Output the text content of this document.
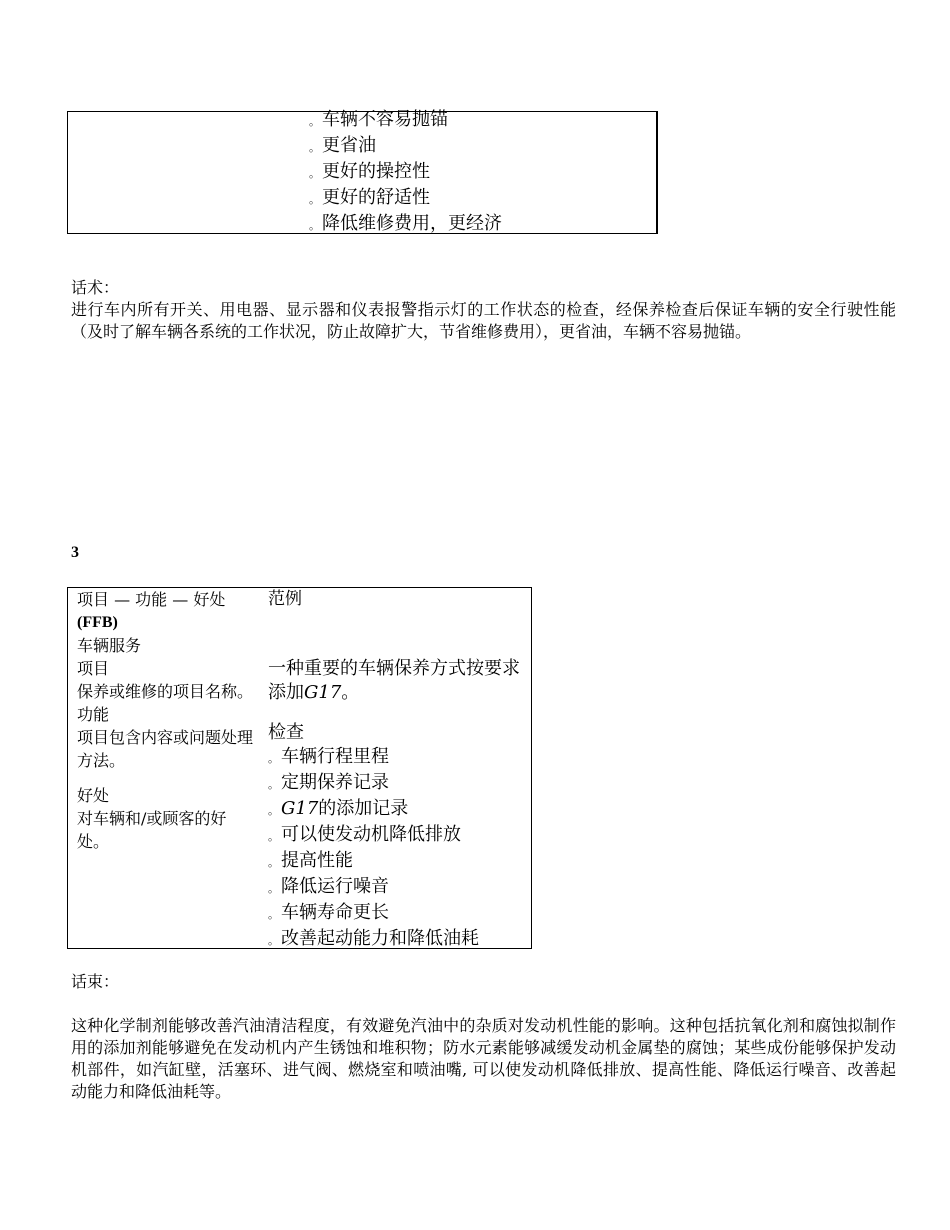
。 车辆不容易抛锚
。 更省油
。 更好的操控性
。 更好的舒适性
。 降低维修费用，更经济
话术：
进行车内所有开关、用电器、显示器和仪表报警指示灯的工作状态的检查，经保养检查后保证车辆的安全行驶性能（及时了解车辆各系统的工作状况，防止故障扩大，节省维修费用），更省油，车辆不容易抛锚。
3
项目 — 功能 — 好处
(FFB)
车辆服务
项目
保养或维修的项目名称。
功能
项目包含内容或问题处理方法。
好处
对车辆和/或顾客的好处。
范例
一种重要的车辆保养方式按要求添加G17。
检查
。 车辆行程里程
。 定期保养记录
。 G17的添加记录
。 可以使发动机降低排放
。 提高性能
。 降低运行噪音
。 车辆寿命更长
。 改善起动能力和降低油耗
话束：
这种化学制剂能够改善汽油清洁程度，有效避免汽油中的杂质对发动机性能的影响。这种包括抗氧化剂和腐蚀拟制作用的添加剂能够避免在发动机内产生锈蚀和堆积物；防水元素能够减缓发动机金属垫的腐蚀；某些成份能够保护发动机部件，如汽缸壁，活塞环、进气阀、燃烧室和喷油嘴, 可以使发动机降低排放、提高性能、降低运行噪音、改善起动能力和降低油耗等。
